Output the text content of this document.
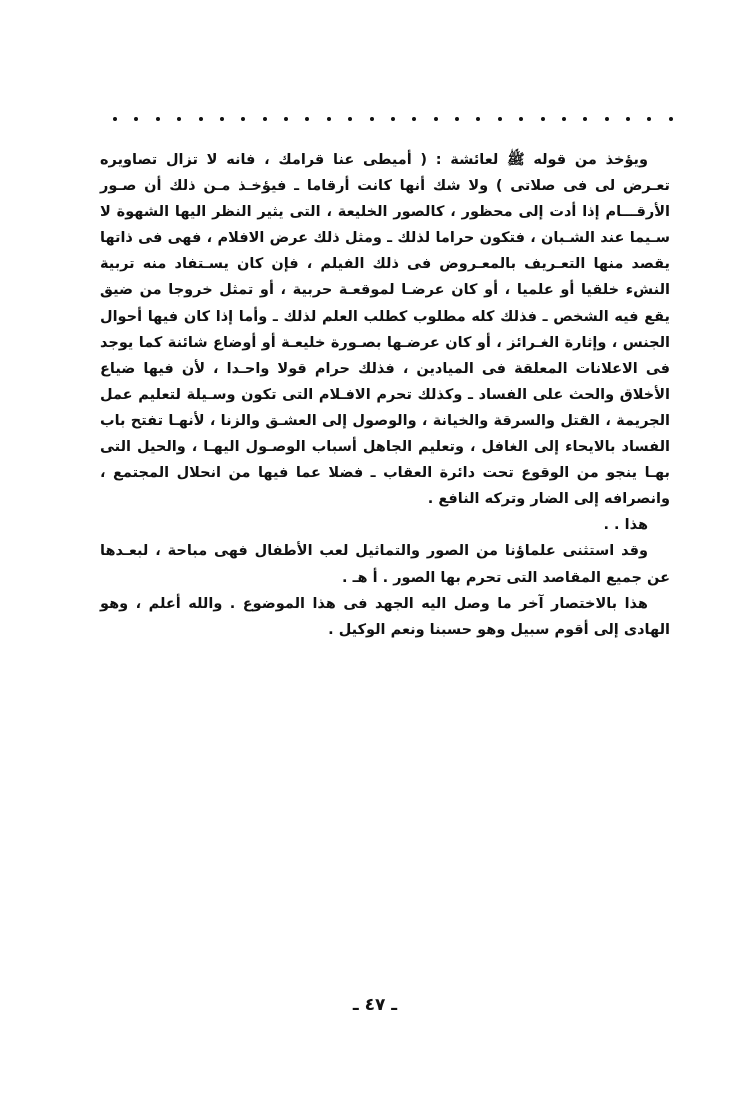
ويؤخذ من قوله ﷺ لعائشة : ( أميطى عنا قرامك ، فانه لا تزال تصاويره تعـرض لى فى صلاتى ) ولا شك أنها كانت أرقاما ـ فيؤخـذ مـن ذلك أن صـور الأرقـــام إذا أدت إلى محظور ، كالصور الخليعة ، التى يثير النظر اليها الشهوة لا سـيما عند الشـبان ، فتكون حراما لذلك ـ ومثل ذلك عرض الافلام ، فهى فى ذاتها يقصد منها التعـريف بالمعـروض فى ذلك الفيلم ، فإن كان يسـتفاد منه تربية النشء خلقيا أو علميا ، أو كان عرضـا لموقعـة حربية ، أو تمثل خروجا من ضيق يقع فيه الشخص ـ فذلك كله مطلوب كطلب العلم لذلك ـ وأما إذا كان فيها أحوال الجنس ، وإثارة الغـرائز ، أو كان عرضـها بصـورة خليعـة أو أوضاع شائنة كما يوجد فى الاعلانات المعلقة فى الميادين ، فذلك حرام قولا واحـدا ، لأن فيها ضياع الأخلاق والحث على الفساد ـ وكذلك تحرم الافـلام التى تكون وسـيلة لتعليم عمل الجريمة ، القتل والسرقة والخيانة ، والوصول إلى العشـق والزنا ، لأنهـا تفتح باب الفساد بالايحاء إلى الغافل ، وتعليم الجاهل أسباب الوصـول اليهـا ، والحيل التى بهـا ينجو من الوقوع تحت دائرة العقاب ـ فضلا عما فيها من انحلال المجتمع ، وانصرافه إلى الضار وتركه النافع .

هذا . .

وقد استثنى علماؤنا من الصور والتماثيل لعب الأطفال فهى مباحة ، لبعـدها عن جميع المقاصد التى تحرم بها الصور . أ هـ .

هذا بالاختصار آخر ما وصل اليه الجهد فى هذا الموضوع . والله أعلم ، وهو الهادى إلى أقوم سبيل وهو حسبنا ونعم الوكيل .

ـ ٤٧ ـ
